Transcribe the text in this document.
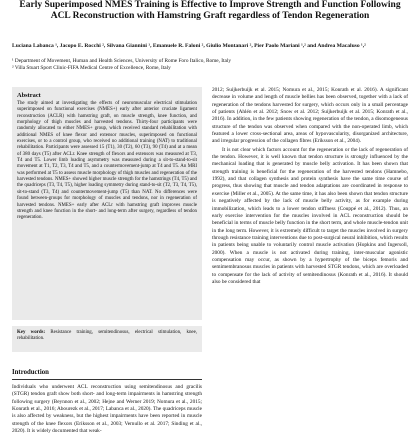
Early Superimposed NMES Training is Effective to Improve Strength and Function Following ACL Reconstruction with Hamstring Graft regardless of Tendon Regeneration
Luciana Labanca ¹, Jacopo E. Rocchi ², Silvana Giannini ¹, Emanuele R. Faloni ², Giulio Montanari ², Pier Paolo Mariani ¹,² and Andrea Macaluso ¹,²
¹ Department of Movement, Human and Health Sciences, University of Rome Foro Italico, Rome, Italy
² Villa Stuart Sport Clinic-FIFA Medical Centre of Excellence, Rome, Italy
Abstract

The study aimed at investigating the effects of neuromuscular electrical stimulation superimposed on functional exercises (NMES+) early after anterior cruciate ligament reconstruction (ACLR) with hamstring graft, on muscle strength, knee function, and morphology of thigh muscles and harvested tendons. Thirty-four participants were randomly allocated to either NMES+ group, which received standard rehabilitation with additional NMES of knee flexor and extensor muscles, superimposed on functional exercises, or to a control group, who received no additional training (NAT) to traditional rehabilitation. Participants were assessed 15 (T1), 30 (T2), 60 (T3), 90 (T4) and at a mean of 380 days (T5) after ACLr. Knee strength of flexors and extensors was measured at T3, T4 and T5. Lower limb loading asymmetry was measured during a sit-to-stand-to-sit movement at T1, T2, T3, T4 and T5, and a countermovement-jump at T4 and T5. An MRI was performed at T5 to assess muscle morphology of thigh muscles and regeneration of the harvested tendons. NMES+ showed higher muscle strength for the hamstrings (T4, T5) and the quadriceps (T3, T4, T5), higher loading symmetry during stand-to-sit (T2, T3, T4, T5), sit-to-stand (T3, T4) and countermovement-jump (T5) than NAT. No differences were found between-groups for morphology of muscles and tendons, nor in regeneration of harvested tendons. NMES+ early after ACLr with hamstring graft improves muscle strength and knee function in the short- and long-term after surgery, regardless of tendon regeneration.

Key words: Resistance training, semitendinosus, electrical stimulation, knee, rehabilitation.

Introduction

Individuals who underwent ACL reconstruction using semitendinosus and gracilis (STGR) tendon graft show both short- and long-term impairments in hamstring strength following surgery (Beynnon et al., 2002; Hejne and Werner 2019; Nomura et al., 2015; Konrath et al., 2016; Abourezk et al., 2017; Labanca et al., 2020). The quadriceps muscle is also affected by weakness, but the highest impairments have been reported in muscle strength of the knee flexors (Eriksson et al., 2003; Vernullo et al. 2017; Sinding et al., 2020). It is widely documented that weak-

2012; Suijkerbuijk et al. 2015; Nomura et al., 2015; Konrath et al. 2016). A significant decrease in volume and length of muscle bellies has been observed, together with a lack of regeneration of the tendons harvested for surgery, which occurs only in a small percentage of patients (Ahlén et al. 2012; Snow et al. 2012; Suijkerbuijk et al. 2015; Konrath et al., 2016). In addition, in the few patients showing regeneration of the tendon, a disomogeneous structure of the tendon was observed when compared with the non-operated limb, which featured a lower cross-sectional area, areas of hypovascularity, disorganized architecture, and irregular progression of the collagen fibres (Eriksson et al., 2004).

It is not clear which factors account for the regeneration or the lack of regeneration of the tendon. However, it is well known that tendon structure is strongly influenced by the mechanical loading that is generated by muscle belly activation. It has been shown that strength training is beneficial for the regeneration of the harvested tendons (Hamnebo, 1992), and that collagen synthesis and protein synthesis have the same time course of progress, thus showing that muscle and tendon adaptations are coordinated in response to exercise (Miller et al., 2005). At the same time, it has also been shown that tendon structure is negatively affected by the lack of muscle belly activity, as for example during immobilization, which leads to a lower tendon stiffness (Couppé et al., 2012). Thus, an early exercise intervention for the muscles involved in ACL reconstruction should be beneficial in terms of muscle belly function in the short term, and whole muscle-tendon unit in the long term. However, it is extremely difficult to target the muscles involved in surgery through resistance training interventions due to post-surgical neural inhibition, which results in patients being unable to voluntarily control muscle activation (Hopkins and Ingersoll, 2000). When a muscle is not activated during training, inter-muscular agonistic compensation may occur, as shown by a hypertrophy of the biceps femoris and semimembranosus muscles in patients with harvested STGR tendons, which are overloaded to compensate for the lack of activity of semitendinosus (Konrath et al., 2016). It should also be considered that
